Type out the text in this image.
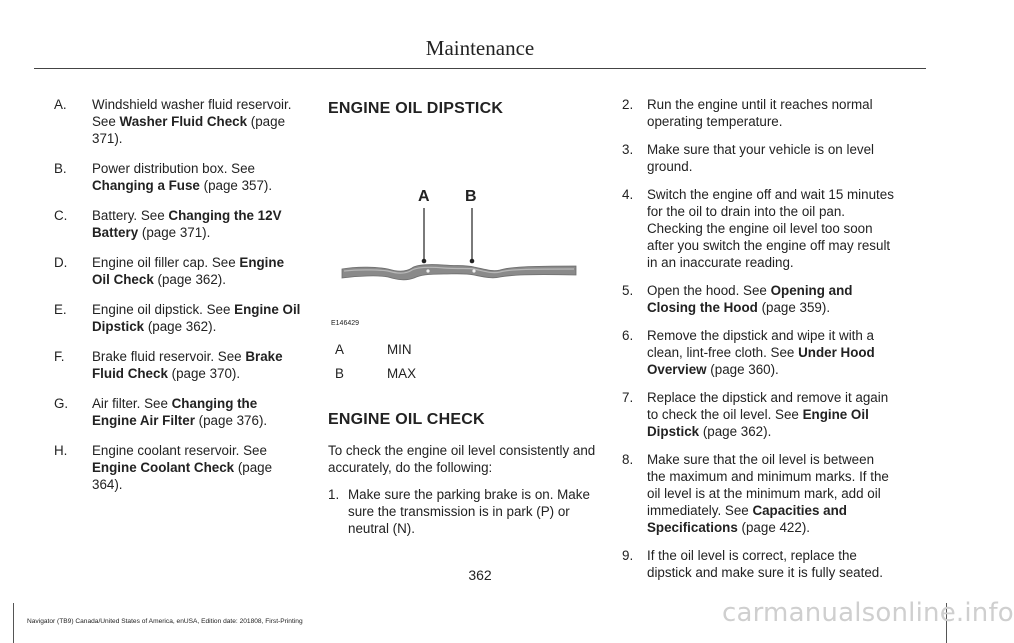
Maintenance
A. Windshield washer fluid reservoir. See Washer Fluid Check (page 371).
B. Power distribution box. See Changing a Fuse (page 357).
C. Battery. See Changing the 12V Battery (page 371).
D. Engine oil filler cap. See Engine Oil Check (page 362).
E. Engine oil dipstick. See Engine Oil Dipstick (page 362).
F. Brake fluid reservoir. See Brake Fluid Check (page 370).
G. Air filter. See Changing the Engine Air Filter (page 376).
H. Engine coolant reservoir. See Engine Coolant Check (page 364).
ENGINE OIL DIPSTICK
A B
E146429
A	MIN
B	MAX
ENGINE OIL CHECK

To check the engine oil level consistently and accurately, do the following:

1. Make sure the parking brake is on. Make sure the transmission is in park (P) or neutral (N).
2. Run the engine until it reaches normal operating temperature.
3. Make sure that your vehicle is on level ground.
4. Switch the engine off and wait 15 minutes for the oil to drain into the oil pan. Checking the engine oil level too soon after you switch the engine off may result in an inaccurate reading.
5. Open the hood. See Opening and Closing the Hood (page 359).
6. Remove the dipstick and wipe it with a clean, lint-free cloth. See Under Hood Overview (page 360).
7. Replace the dipstick and remove it again to check the oil level. See Engine Oil Dipstick (page 362).
8. Make sure that the oil level is between the maximum and minimum marks. If the oil level is at the minimum mark, add oil immediately. See Capacities and Specifications (page 422).
9. If the oil level is correct, replace the dipstick and make sure it is fully seated.
362
Navigator (TB9) Canada/United States of America, enUSA, Edition date: 201808, First-Printing	carmanualsonline.info
